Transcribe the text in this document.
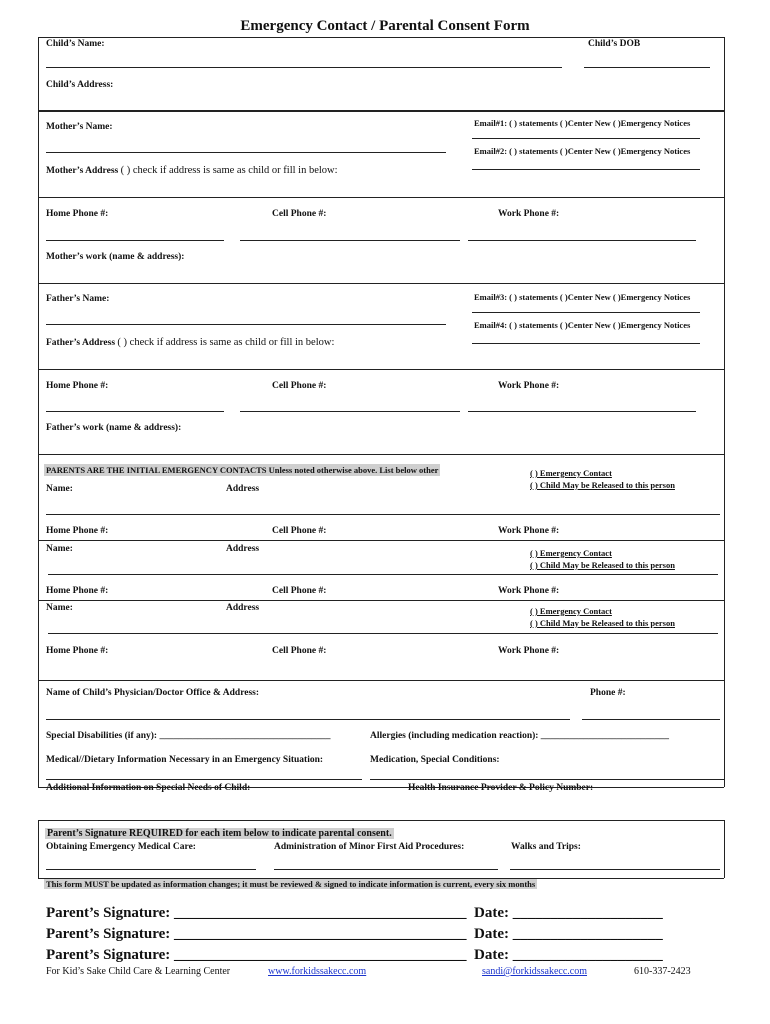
Emergency Contact / Parental Consent Form
Child’s Name:	Child’s DOB
Child’s Address:
Email#1: ( ) statements ( )Center New ( )Emergency Notices
Mother’s Name:
Email#2: ( ) statements ( )Center New ( )Emergency Notices
Mother’s Address ( ) check if address is same as child or fill in below:
Home Phone #:	Cell Phone #:	Work Phone #:
Mother’s work (name & address):
Email#3: ( ) statements ( )Center New ( )Emergency Notices
Father’s Name:
Email#4: ( ) statements ( )Center New ( )Emergency Notices
Father’s Address ( ) check if address is same as child or fill in below:
Home Phone #:	Cell Phone #:	Work Phone #:
Father’s work (name & address):
PARENTS ARE THE INITIAL EMERGENCY CONTACTS Unless noted otherwise above. List below other	( ) Emergency Contact
Name:	Address	( ) Child May be Released to this person
Home Phone #:	Cell Phone #:	Work Phone #:
Name:	Address	( ) Emergency Contact
( ) Child May be Released to this person
Home Phone #:	Cell Phone #:	Work Phone #:
Name:	Address	( ) Emergency Contact
( ) Child May be Released to this person
Home Phone #:	Cell Phone #:	Work Phone #:
Name of Child’s Physician/Doctor Office & Address:	Phone #:
Special Disabilities (if any): ____________________________________	Allergies (including medication reaction): ___________________________
Medical//Dietary Information Necessary in an Emergency Situation:	Medication, Special Conditions:
Additional Information on Special Needs of Child:	Health Insurance Provider & Policy Number:
Parent’s Signature REQUIRED for each item below to indicate parental consent.
Obtaining Emergency Medical Care:	Administration of Minor First Aid Procedures:	Walks and Trips:
This form MUST be updated as information changes; it must be reviewed & signed to indicate information is current, every six months
Parent’s Signature: _______________________________________ Date: ____________________
Parent’s Signature: _______________________________________ Date: ____________________
Parent’s Signature: _______________________________________ Date: ____________________
For Kid’s Sake Child Care & Learning Center	www.forkidssakecc.com	sandi@forkidssakecc.com	610-337-2423
